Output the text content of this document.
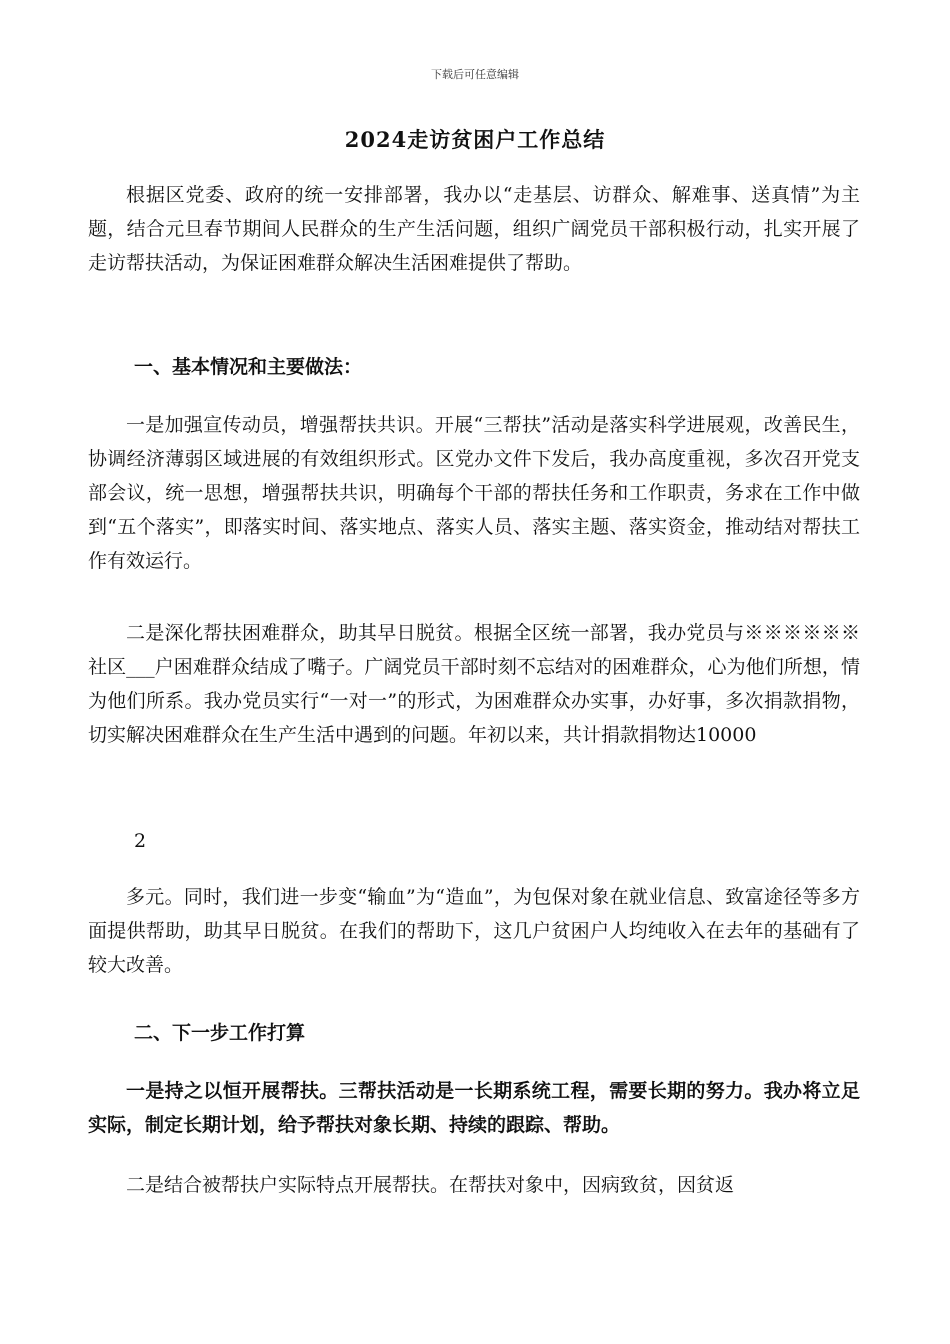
下载后可任意编辑
2024走访贫困户工作总结

根据区党委、政府的统一安排部署，我办以“走基层、访群众、解难事、送真情”为主题，结合元旦春节期间人民群众的生产生活问题，组织广阔党员干部积极行动，扎实开展了走访帮扶活动，为保证困难群众解决生活困难提供了帮助。

一、基本情况和主要做法：

一是加强宣传动员，增强帮扶共识。开展“三帮扶”活动是落实科学进展观，改善民生，协调经济薄弱区域进展的有效组织形式。区党办文件下发后，我办高度重视，多次召开党支部会议，统一思想，增强帮扶共识，明确每个干部的帮扶任务和工作职责，务求在工作中做到“五个落实”，即落实时间、落实地点、落实人员、落实主题、落实资金，推动结对帮扶工作有效运行。

二是深化帮扶困难群众，助其早日脱贫。根据全区统一部署，我办党员与※※※※※※社区___户困难群众结成了嘴子。广阔党员干部时刻不忘结对的困难群众，心为他们所想，情为他们所系。我办党员实行“一对一”的形式，为困难群众办实事，办好事，多次捐款捐物，切实解决困难群众在生产生活中遇到的问题。年初以来，共计捐款捐物达10000

2

多元。同时，我们进一步变“输血”为“造血”，为包保对象在就业信息、致富途径等多方面提供帮助，助其早日脱贫。在我们的帮助下，这几户贫困户人均纯收入在去年的基础有了较大改善。

二、下一步工作打算

一是持之以恒开展帮扶。三帮扶活动是一长期系统工程，需要长期的努力。我办将立足实际，制定长期计划，给予帮扶对象长期、持续的跟踪、帮助。

二是结合被帮扶户实际特点开展帮扶。在帮扶对象中，因病致贫，因贫返
